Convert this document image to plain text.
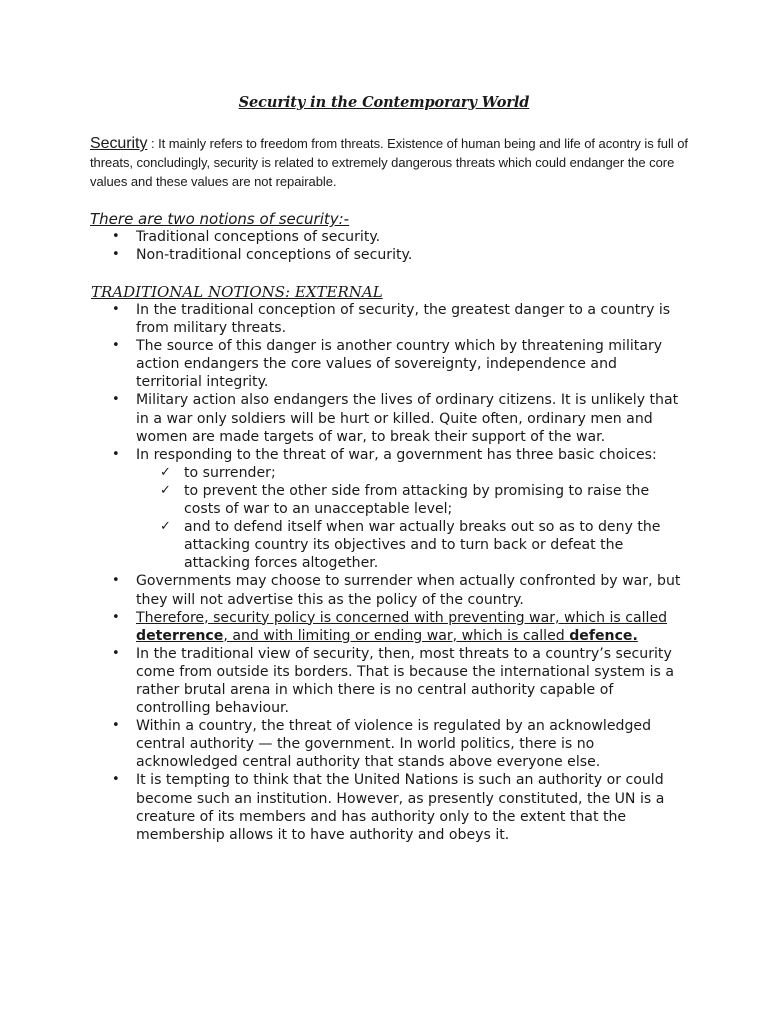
Security in the Contemporary World
Security : It mainly refers to freedom from threats. Existence of human being and life of acontry is full of threats, concludingly, security is related to extremely dangerous threats which could endanger the core values and these values are not repairable.
There are two notions of security:-
• Traditional conceptions of security.
• Non-traditional conceptions of security.
TRADITIONAL NOTIONS: EXTERNAL
• In the traditional conception of security, the greatest danger to a country is from military threats.
• The source of this danger is another country which by threatening military action endangers the core values of sovereignty, independence and territorial integrity.
• Military action also endangers the lives of ordinary citizens. It is unlikely that in a war only soldiers will be hurt or killed. Quite often, ordinary men and women are made targets of war, to break their support of the war.
• In responding to the threat of war, a government has three basic choices:
✓ to surrender;
✓ to prevent the other side from attacking by promising to raise the costs of war to an unacceptable level;
✓ and to defend itself when war actually breaks out so as to deny the attacking country its objectives and to turn back or defeat the attacking forces altogether.
• Governments may choose to surrender when actually confronted by war, but they will not advertise this as the policy of the country.
• Therefore, security policy is concerned with preventing war, which is called deterrence, and with limiting or ending war, which is called defence.
• In the traditional view of security, then, most threats to a country’s security come from outside its borders. That is because the international system is a rather brutal arena in which there is no central authority capable of controlling behaviour.
• Within a country, the threat of violence is regulated by an acknowledged central authority — the government. In world politics, there is no acknowledged central authority that stands above everyone else.
• It is tempting to think that the United Nations is such an authority or could become such an institution. However, as presently constituted, the UN is a creature of its members and has authority only to the extent that the membership allows it to have authority and obeys it.
